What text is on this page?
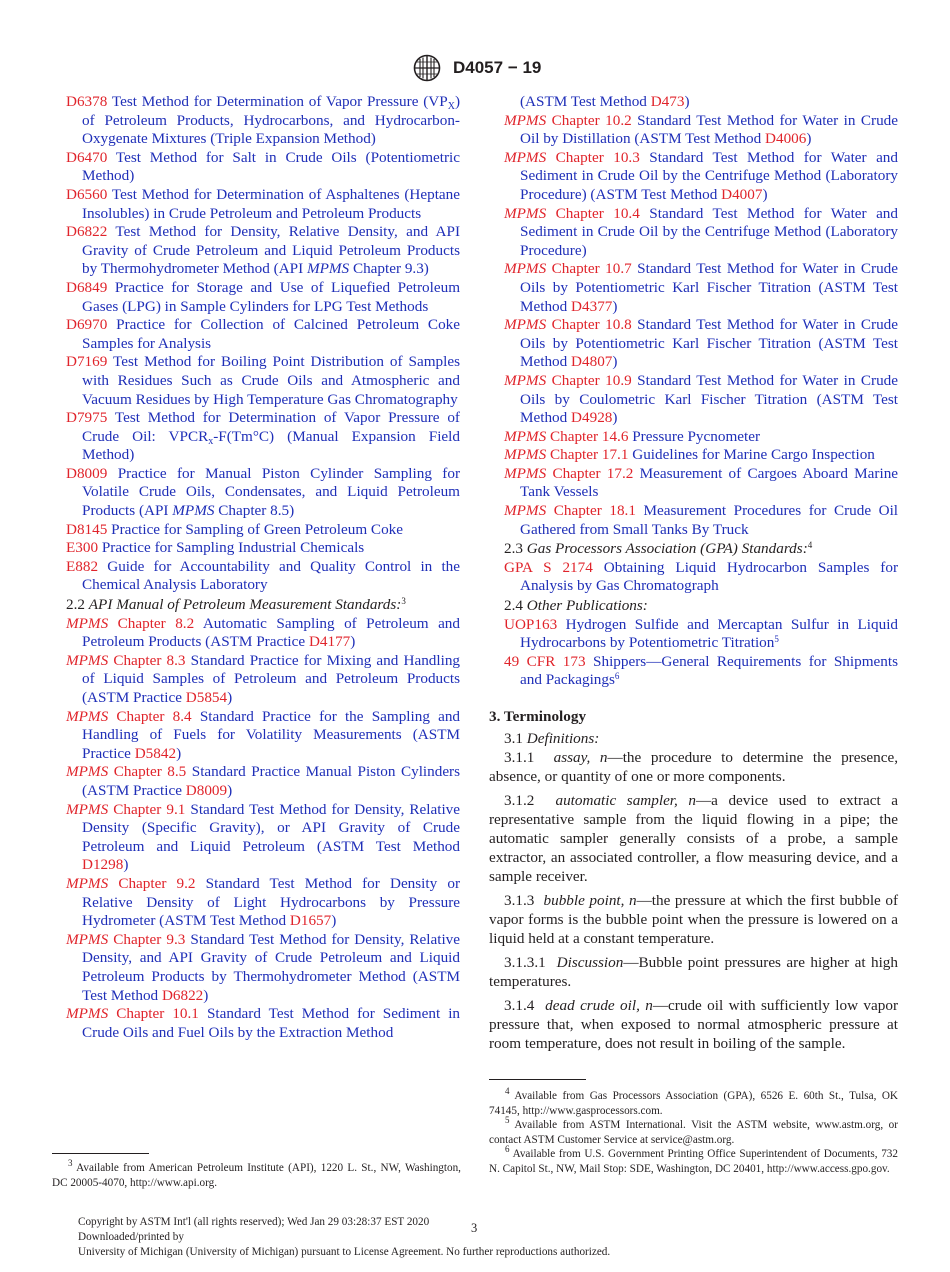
D4057 − 19
D6378 Test Method for Determination of Vapor Pressure $(VP_X)$ of Petroleum Products, Hydrocarbons, and Hydrocarbon-Oxygenate Mixtures (Triple Expansion Method)
D6470 Test Method for Salt in Crude Oils (Potentiometric Method)
D6560 Test Method for Determination of Asphaltenes (Heptane Insolubles) in Crude Petroleum and Petroleum Products
D6822 Test Method for Density, Relative Density, and API Gravity of Crude Petroleum and Liquid Petroleum Products by Thermohydrometer Method (API MPMS Chapter 9.3)
D6849 Practice for Storage and Use of Liquefied Petroleum Gases (LPG) in Sample Cylinders for LPG Test Methods
D6970 Practice for Collection of Calcined Petroleum Coke Samples for Analysis
D7169 Test Method for Boiling Point Distribution of Samples with Residues Such as Crude Oils and Atmospheric and Vacuum Residues by High Temperature Gas Chromatography
D7975 Test Method for Determination of Vapor Pressure of Crude Oil: $VPCR_x-F(Tm^\circ C)$ (Manual Expansion Field Method)
D8009 Practice for Manual Piston Cylinder Sampling for Volatile Crude Oils, Condensates, and Liquid Petroleum Products (API MPMS Chapter 8.5)
D8145 Practice for Sampling of Green Petroleum Coke
E300 Practice for Sampling Industrial Chemicals
E882 Guide for Accountability and Quality Control in the Chemical Analysis Laboratory
2.2 API Manual of Petroleum Measurement Standards:$^3$
MPMS Chapter 8.2 Automatic Sampling of Petroleum and Petroleum Products (ASTM Practice D4177)
MPMS Chapter 8.3 Standard Practice for Mixing and Handling of Liquid Samples of Petroleum and Petroleum Products (ASTM Practice D5854)
MPMS Chapter 8.4 Standard Practice for the Sampling and Handling of Fuels for Volatility Measurements (ASTM Practice D5842)
MPMS Chapter 8.5 Standard Practice Manual Piston Cylinders (ASTM Practice D8009)
MPMS Chapter 9.1 Standard Test Method for Density, Relative Density (Specific Gravity), or API Gravity of Crude Petroleum and Liquid Petroleum (ASTM Test Method D1298)
MPMS Chapter 9.2 Standard Test Method for Density or Relative Density of Light Hydrocarbons by Pressure Hydrometer (ASTM Test Method D1657)
MPMS Chapter 9.3 Standard Test Method for Density, Relative Density, and API Gravity of Crude Petroleum and Liquid Petroleum Products by Thermohydrometer Method (ASTM Test Method D6822)
MPMS Chapter 10.1 Standard Test Method for Sediment in Crude Oils and Fuel Oils by the Extraction Method
(ASTM Test Method D473)
MPMS Chapter 10.2 Standard Test Method for Water in Crude Oil by Distillation (ASTM Test Method D4006)
MPMS Chapter 10.3 Standard Test Method for Water and Sediment in Crude Oil by the Centrifuge Method (Laboratory Procedure) (ASTM Test Method D4007)
MPMS Chapter 10.4 Standard Test Method for Water and Sediment in Crude Oil by the Centrifuge Method (Laboratory Procedure)
MPMS Chapter 10.7 Standard Test Method for Water in Crude Oils by Potentiometric Karl Fischer Titration (ASTM Test Method D4377)
MPMS Chapter 10.8 Standard Test Method for Water in Crude Oils by Potentiometric Karl Fischer Titration (ASTM Test Method D4807)
MPMS Chapter 10.9 Standard Test Method for Water in Crude Oils by Coulometric Karl Fischer Titration (ASTM Test Method D4928)
MPMS Chapter 14.6 Pressure Pycnometer
MPMS Chapter 17.1 Guidelines for Marine Cargo Inspection
MPMS Chapter 17.2 Measurement of Cargoes Aboard Marine Tank Vessels
MPMS Chapter 18.1 Measurement Procedures for Crude Oil Gathered from Small Tanks By Truck
2.3 Gas Processors Association (GPA) Standards:$^4$
GPA S 2174 Obtaining Liquid Hydrocarbon Samples for Analysis by Gas Chromatograph
2.4 Other Publications:
UOP163 Hydrogen Sulfide and Mercaptan Sulfur in Liquid Hydrocarbons by Potentiometric Titration$^5$
49 CFR 173 Shippers—General Requirements for Shipments and Packagings$^6$
3. Terminology
3.1 Definitions:
3.1.1 assay, n—the procedure to determine the presence, absence, or quantity of one or more components.
3.1.2 automatic sampler, n—a device used to extract a representative sample from the liquid flowing in a pipe; the automatic sampler generally consists of a probe, a sample extractor, an associated controller, a flow measuring device, and a sample receiver.
3.1.3 bubble point, n—the pressure at which the first bubble of vapor forms is the bubble point when the pressure is lowered on a liquid held at a constant temperature.
3.1.3.1 Discussion—Bubble point pressures are higher at high temperatures.
3.1.4 dead crude oil, n—crude oil with sufficiently low vapor pressure that, when exposed to normal atmospheric pressure at room temperature, does not result in boiling of the sample.
$^3$ Available from American Petroleum Institute (API), 1220 L. St., NW, Washington, DC 20005-4070, http://www.api.org.
$^4$ Available from Gas Processors Association (GPA), 6526 E. 60th St., Tulsa, OK 74145, http://www.gasprocessors.com.
$^5$ Available from ASTM International. Visit the ASTM website, www.astm.org, or contact ASTM Customer Service at service@astm.org.
$^6$ Available from U.S. Government Printing Office Superintendent of Documents, 732 N. Capitol St., NW, Mail Stop: SDE, Washington, DC 20401, http://www.access.gpo.gov.
Copyright by ASTM Int'l (all rights reserved); Wed Jan 29 03:28:37 EST 2020
Downloaded/printed by
University of Michigan (University of Michigan) pursuant to License Agreement. No further reproductions authorized.
3
